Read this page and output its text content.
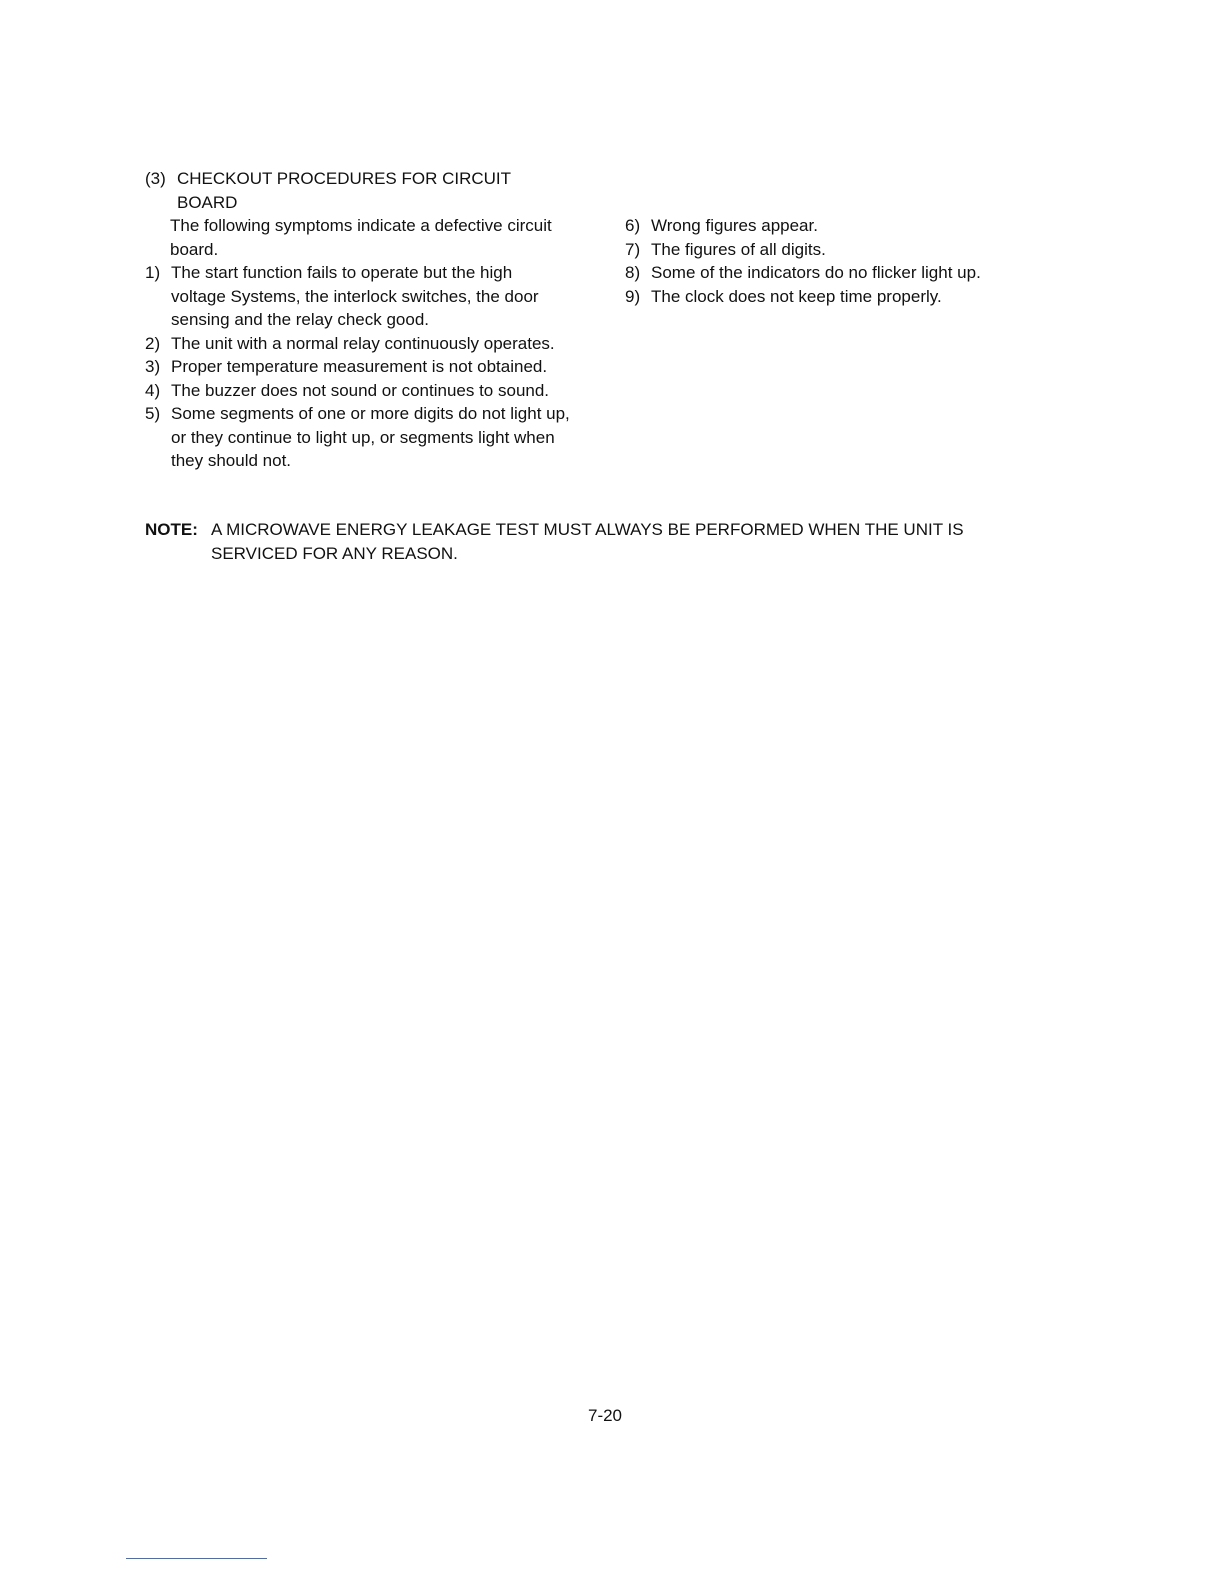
(3) CHECKOUT PROCEDURES FOR CIRCUIT BOARD
The following symptoms indicate a defective circuit board.
1) The start function fails to operate but the high voltage Systems, the interlock switches, the door sensing and the relay check good.
2) The unit with a normal relay continuously operates.
3) Proper temperature measurement is not obtained.
4) The buzzer does not sound or continues to sound.
5) Some segments of one or more digits do not light up, or they continue to light up, or segments light when they should not.
6) Wrong figures appear.
7) The figures of all digits.
8) Some of the indicators do no flicker light up.
9) The clock does not keep time properly.
NOTE: A MICROWAVE ENERGY LEAKAGE TEST MUST ALWAYS BE PERFORMED WHEN THE UNIT IS SERVICED FOR ANY REASON.
7-20
